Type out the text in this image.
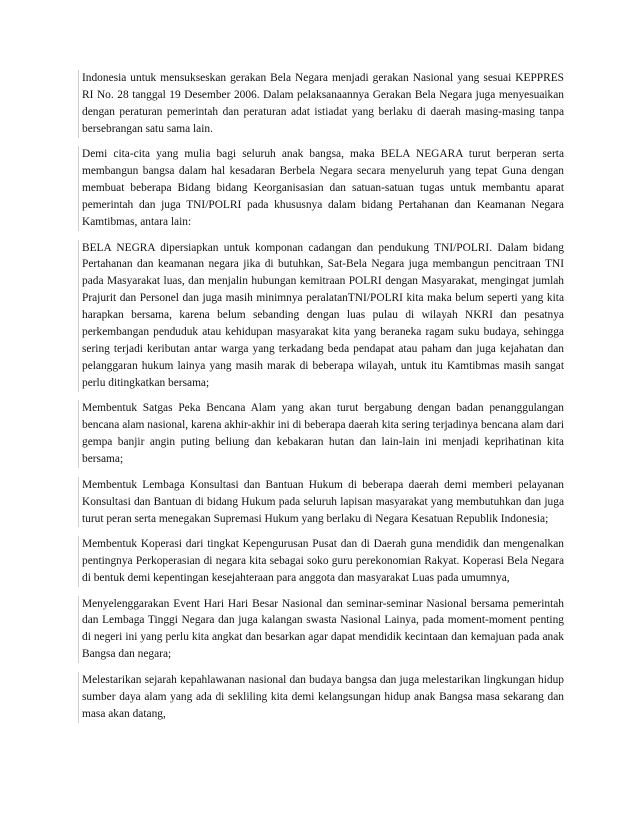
Indonesia untuk mensukseskan gerakan Bela Negara menjadi gerakan Nasional yang sesuai KEPPRES RI No. 28 tanggal 19 Desember 2006. Dalam pelaksanaannya Gerakan Bela Negara juga menyesuaikan dengan peraturan pemerintah dan peraturan adat istiadat yang berlaku di daerah masing-masing tanpa bersebrangan satu sama lain.

Demi cita-cita yang mulia bagi seluruh anak bangsa, maka BELA NEGARA turut berperan serta membangun bangsa dalam hal kesadaran Berbela Negara secara menyeluruh yang tepat Guna dengan membuat beberapa Bidang bidang Keorganisasian dan satuan-satuan tugas untuk membantu aparat pemerintah dan juga TNI/POLRI pada khususnya dalam bidang Pertahanan dan Keamanan Negara Kamtibmas, antara lain:

BELA NEGRA dipersiapkan untuk komponan cadangan dan pendukung TNI/POLRI. Dalam bidang Pertahanan dan keamanan negara jika di butuhkan, Sat-Bela Negara juga membangun pencitraan TNI pada Masyarakat luas, dan menjalin hubungan kemitraan POLRI dengan Masyarakat, mengingat jumlah Prajurit dan Personel dan juga masih minimnya peralatanTNI/POLRI kita maka belum seperti yang kita harapkan bersama, karena belum sebanding dengan luas pulau di wilayah NKRI dan pesatnya perkembangan penduduk atau kehidupan masyarakat kita yang beraneka ragam suku budaya, sehingga sering terjadi keributan antar warga yang terkadang beda pendapat atau paham dan juga kejahatan dan pelanggaran hukum lainya yang masih marak di beberapa wilayah, untuk itu Kamtibmas masih sangat perlu ditingkatkan bersama;

Membentuk Satgas Peka Bencana Alam yang akan turut bergabung dengan badan penanggulangan bencana alam nasional, karena akhir-akhir ini di beberapa daerah kita sering terjadinya bencana alam dari gempa banjir angin puting beliung dan kebakaran hutan dan lain-lain ini menjadi keprihatinan kita bersama;

Membentuk Lembaga Konsultasi dan Bantuan Hukum di beberapa daerah demi memberi pelayanan Konsultasi dan Bantuan di bidang Hukum pada seluruh lapisan masyarakat yang membutuhkan dan juga turut peran serta menegakan Supremasi Hukum yang berlaku di Negara Kesatuan Republik Indonesia;

Membentuk Koperasi dari tingkat Kepengurusan Pusat dan di Daerah guna mendidik dan mengenalkan pentingnya Perkoperasian di negara kita sebagai soko guru perekonomian Rakyat. Koperasi Bela Negara di bentuk demi kepentingan kesejahteraan para anggota dan masyarakat Luas pada umumnya,

Menyelenggarakan Event Hari Hari Besar Nasional dan seminar-seminar Nasional bersama pemerintah dan Lembaga Tinggi Negara dan juga kalangan swasta Nasional Lainya, pada moment-moment penting di negeri ini yang perlu kita angkat dan besarkan agar dapat mendidik kecintaan dan kemajuan pada anak Bangsa dan negara;

Melestarikan sejarah kepahlawanan nasional dan budaya bangsa dan juga melestarikan lingkungan hidup sumber daya alam yang ada di sekliling kita demi kelangsungan hidup anak Bangsa masa sekarang dan masa akan datang,
